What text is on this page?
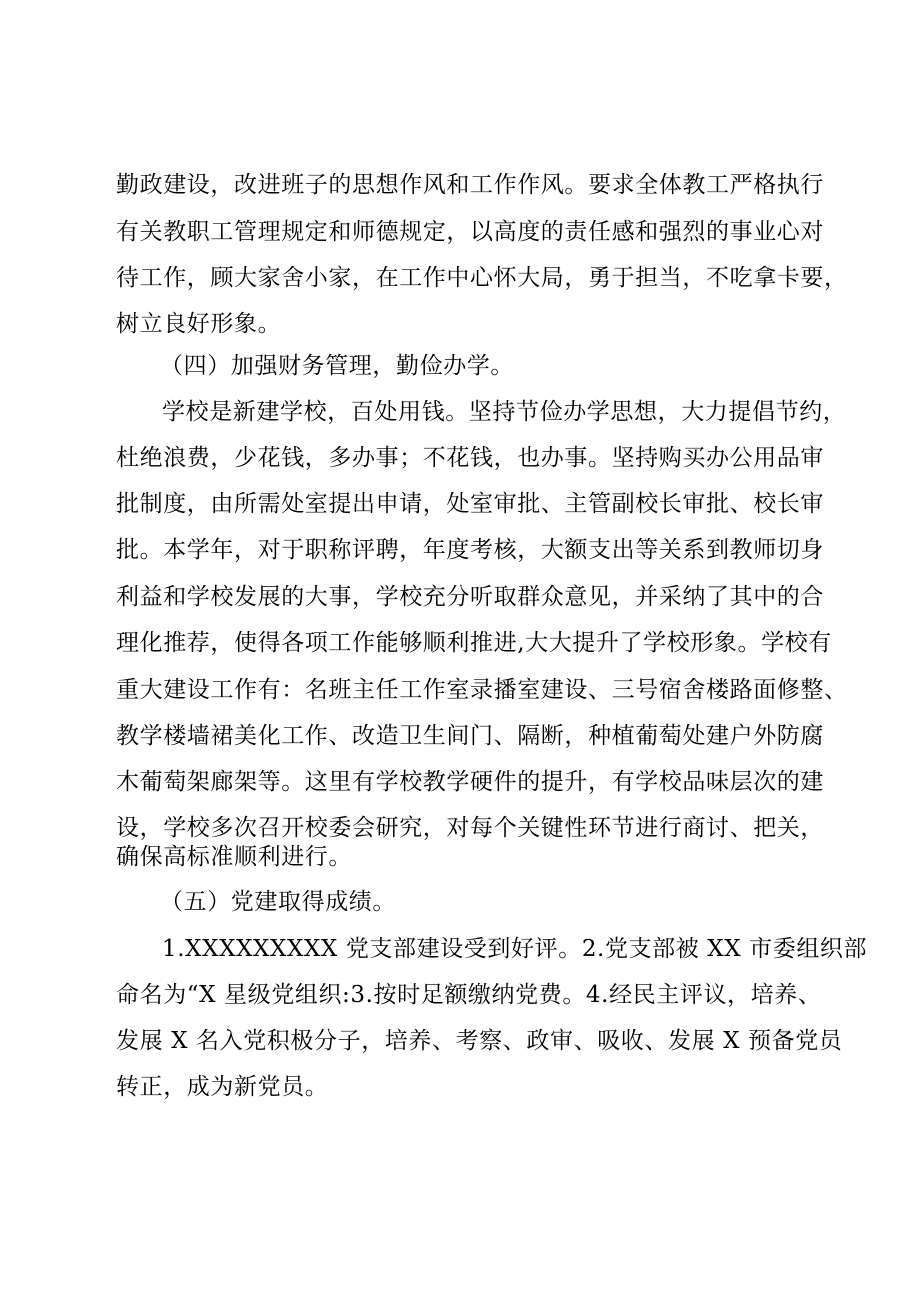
勤政建设，改进班子的思想作风和工作作风。要求全体教工严格执行
有关教职工管理规定和师德规定，以高度的责任感和强烈的事业心对
待工作，顾大家舍小家，在工作中心怀大局，勇于担当，不吃拿卡要，
树立良好形象。
（四）加强财务管理，勤俭办学。
学校是新建学校，百处用钱。坚持节俭办学思想，大力提倡节约，
杜绝浪费，少花钱，多办事；不花钱，也办事。坚持购买办公用品审
批制度，由所需处室提出申请，处室审批、主管副校长审批、校长审
批。本学年，对于职称评聘，年度考核，大额支出等关系到教师切身
利益和学校发展的大事，学校充分听取群众意见，并采纳了其中的合
理化推荐，使得各项工作能够顺利推进,大大提升了学校形象。学校有
重大建设工作有：名班主任工作室录播室建设、三号宿舍楼路面修整、
教学楼墙裙美化工作、改造卫生间门、隔断，种植葡萄处建户外防腐
木葡萄架廊架等。这里有学校教学硬件的提升，有学校品味层次的建
设，学校多次召开校委会研究，对每个关键性环节进行商讨、把关，
确保高标准顺利进行。
（五）党建取得成绩。
1.XXXXXXXXX 党支部建设受到好评。2.党支部被 XX 市委组织部
命名为“X 星级党组织:3.按时足额缴纳党费。4.经民主评议，培养、
发展 X 名入党积极分子，培养、考察、政审、吸收、发展 X 预备党员
转正，成为新党员。
